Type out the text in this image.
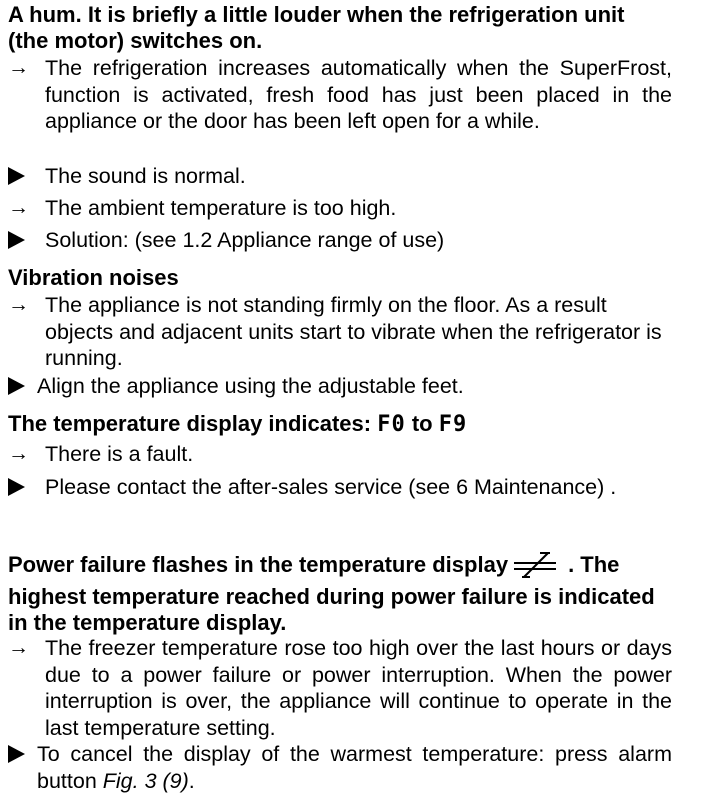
A hum. It is briefly a little louder when the refrigeration unit (the motor) switches on.
→ The refrigeration increases automatically when the SuperFrost, function is activated, fresh food has just been placed in the appliance or the door has been left open for a while.
The sound is normal.
→ The ambient temperature is too high.
Solution: (see 1.2 Appliance range of use)
Vibration noises
→ The appliance is not standing firmly on the floor. As a result objects and adjacent units start to vibrate when the refrigerator is running.
Align the appliance using the adjustable feet.
The temperature display indicates: F0 to F9
→ There is a fault.
Please contact the after-sales service (see 6 Maintenance) .
Power failure flashes in the temperature display	. The highest temperature reached during power failure is indicated in the temperature display.
→ The freezer temperature rose too high over the last hours or days due to a power failure or power interruption. When the power interruption is over, the appliance will continue to operate in the last temperature setting.
To cancel the display of the warmest temperature: press alarm button Fig. 3 (9).
